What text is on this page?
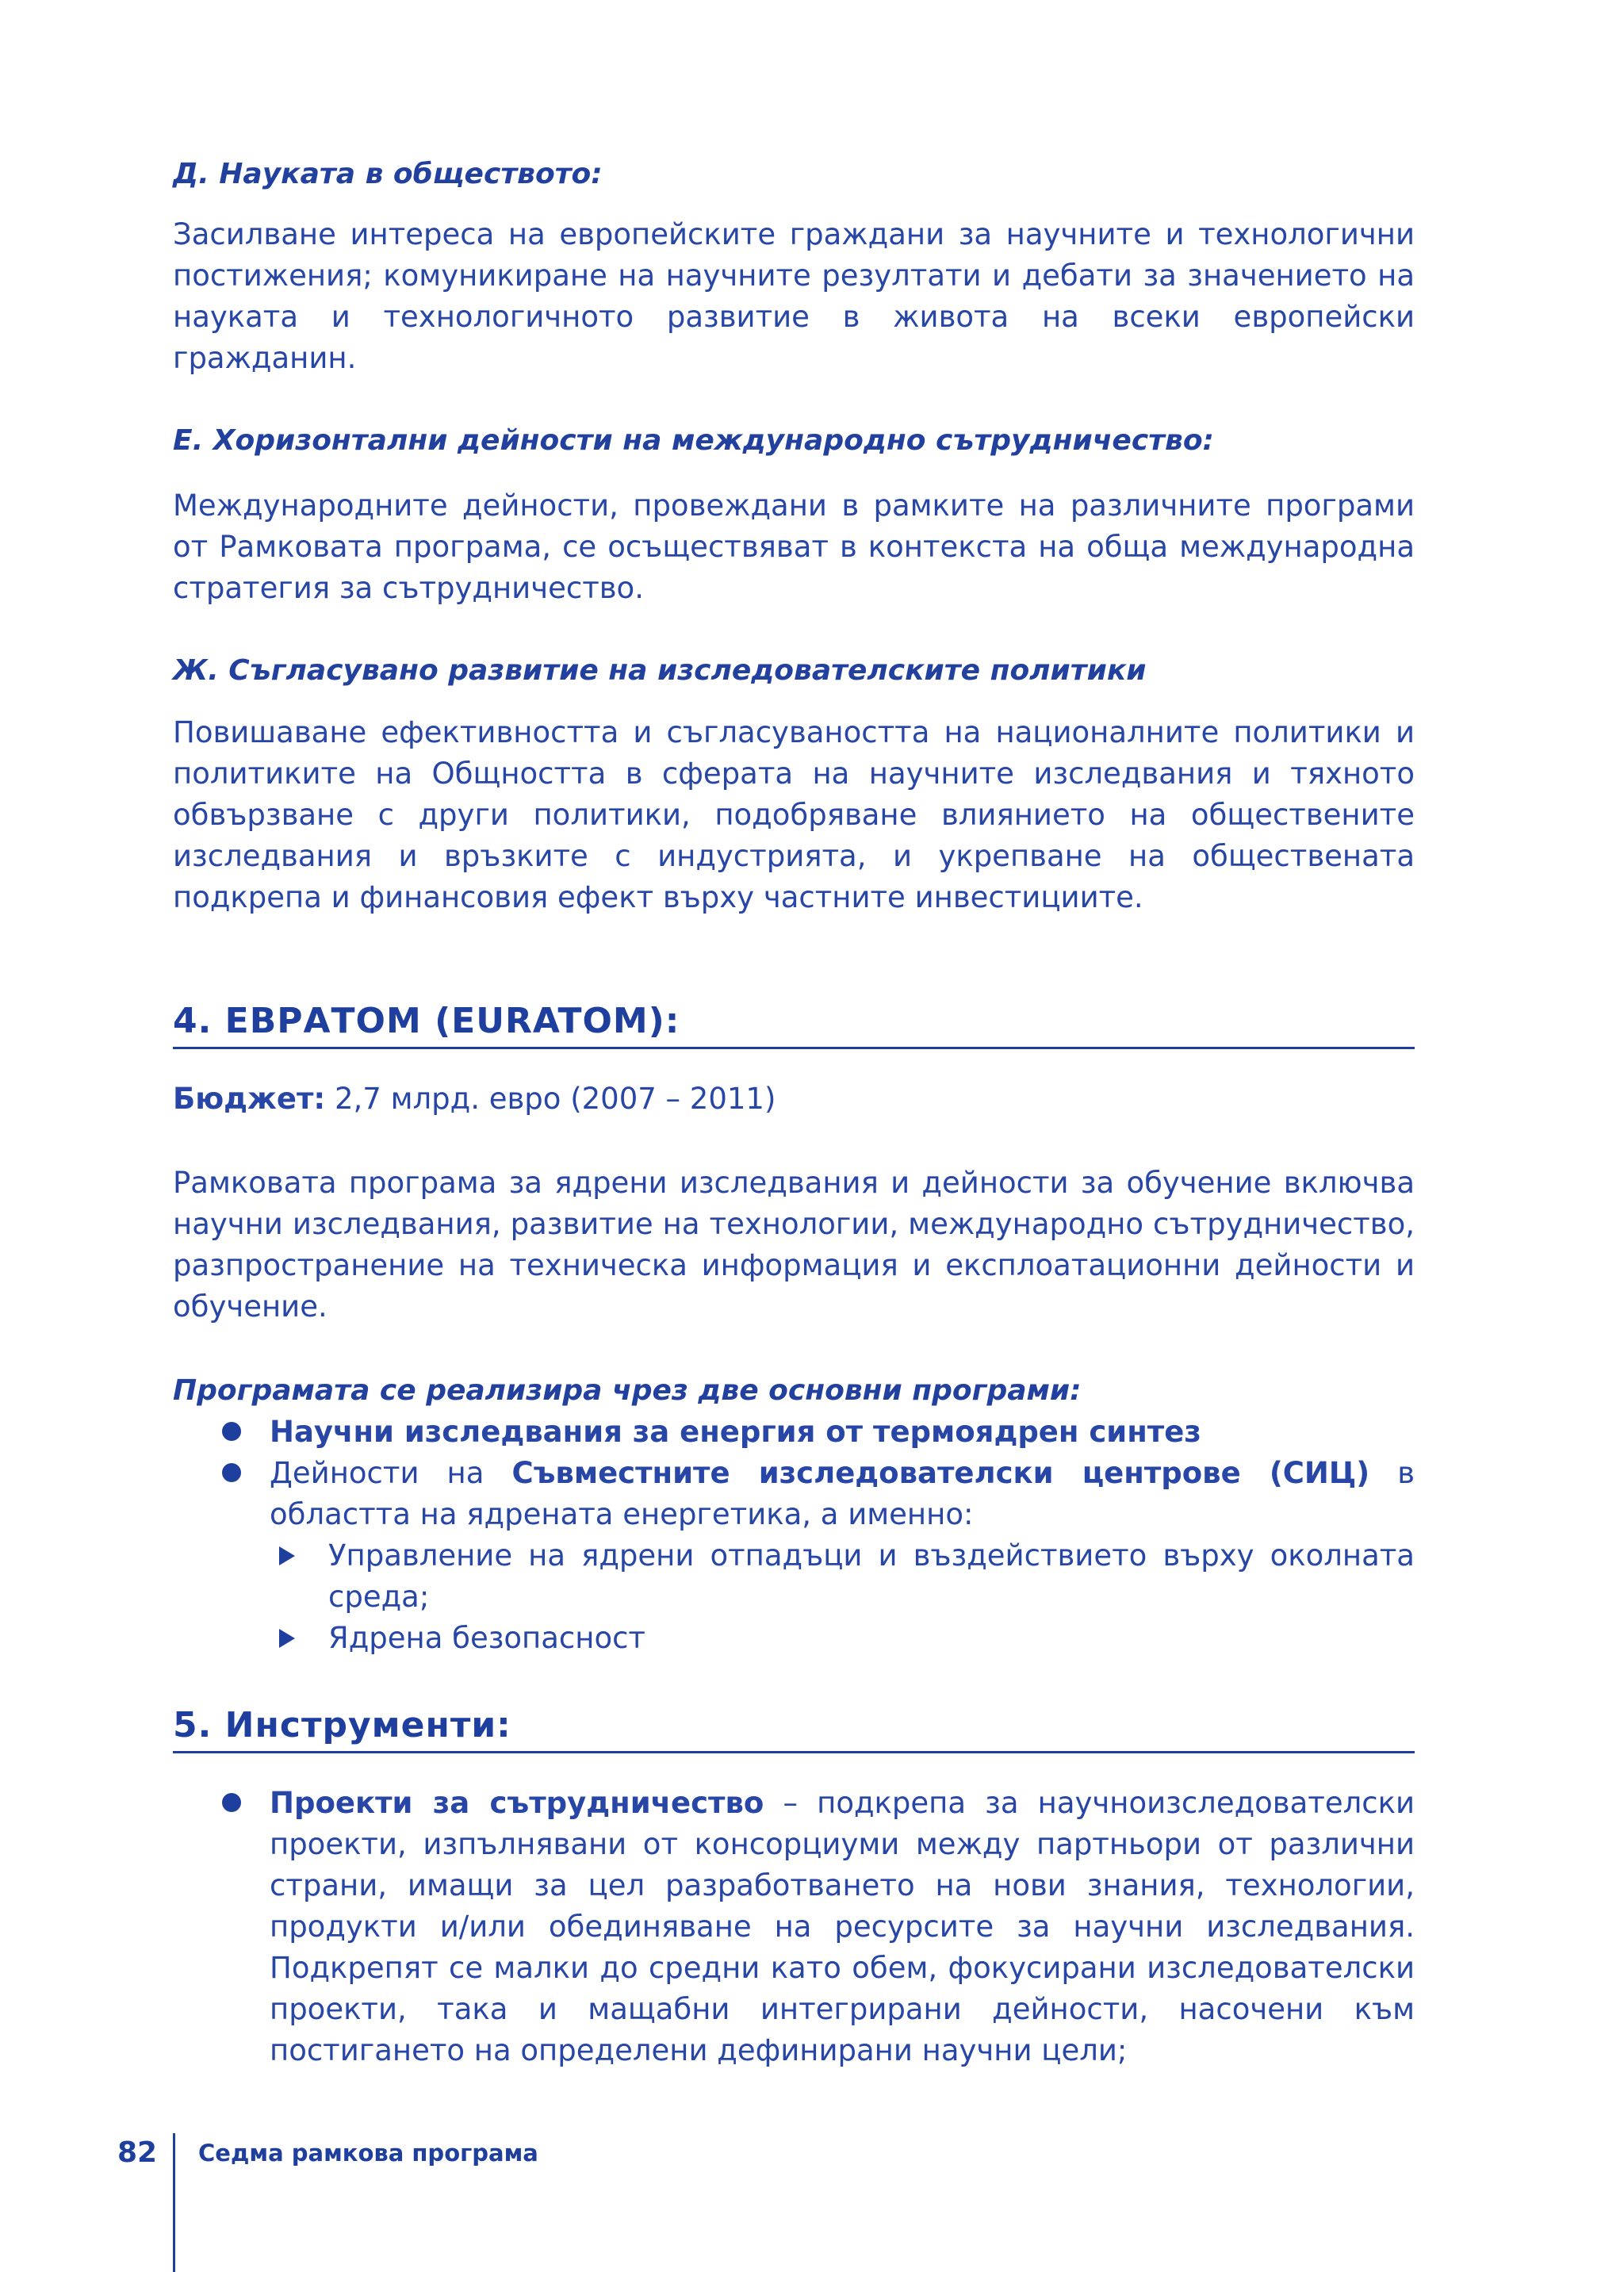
Д. Науката в обществото:

Засилване интереса на европейските граждани за научните и технологични постижения; комуникиране на научните резултати и дебати за значението на науката и технологичното развитие в живота на всеки европейски гражданин.

Е. Хоризонтални дейности на международно сътрудничество:

Международните дейности, провеждани в рамките на различните програми от Рамковата програма, се осъществяват в контекста на обща международна стратегия за сътрудничество.

Ж. Съгласувано развитие на изследователските политики

Повишаване ефективността и съгласуваността на националните политики и политиките на Общността в сферата на научните изследвания и тяхното обвързване с други политики, подобряване влиянието на обществените изследвания и връзките с индустрията, и укрепване на обществената подкрепа и финансовия ефект върху частните инвестициите.

4. ЕВРАТОМ (EURATOM):

Бюджет: 2,7 млрд. евро (2007 – 2011)

Рамковата програма за ядрени изследвания и дейности за обучение включва научни изследвания, развитие на технологии, международно сътрудничество, разпространение на техническа информация и експлоатационни дейности и обучение.

Програмата се реализира чрез две основни програми:

Научни изследвания за енергия от термоядрен синтез
Дейности на Съвместните изследователски центрове (СИЦ) в областта на ядрената енергетика, а именно:
Управление на ядрени отпадъци и въздействието върху околната среда;
Ядрена безопасност
5. Инструменти:
Проекти за сътрудничество – подкрепа за научноизследователски проекти, изпълнявани от консорциуми между партньори от различни страни, имащи за цел разработването на нови знания, технологии, продукти и/или обединяване на ресурсите за научни изследвания. Подкрепят се малки до средни като обем, фокусирани изследователски проекти, така и мащабни интегрирани дейности, насочени към постигането на определени дефинирани научни цели;
82 Седма рамкова програма
